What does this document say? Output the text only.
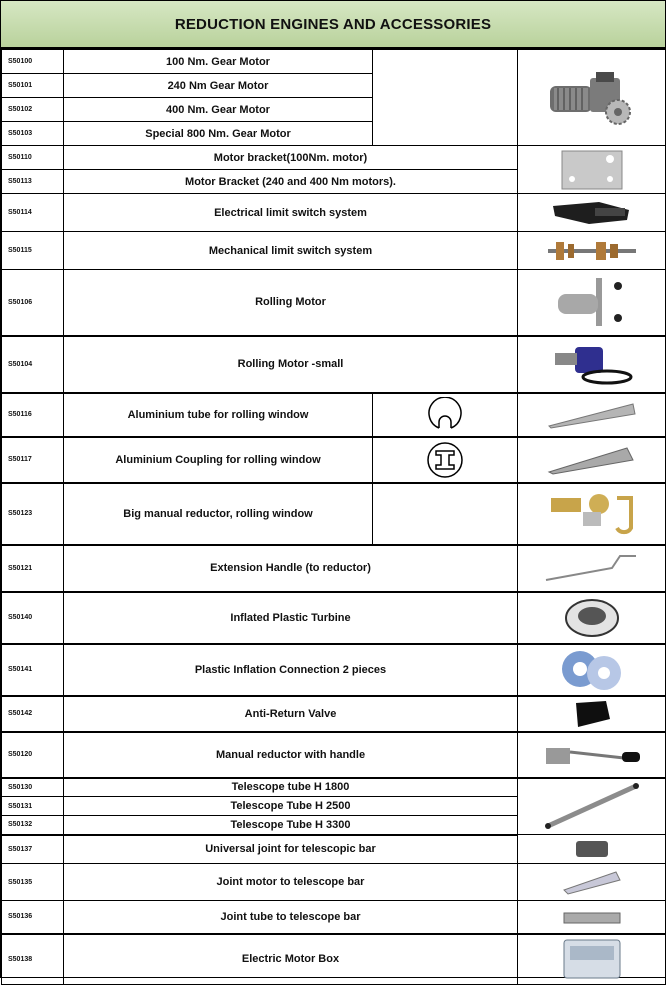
REDUCTION ENGINES AND ACCESSORIES
S50100	100 Nm. Gear Motor		

S50101	240 Nm Gear Motor		
S50102	400 Nm. Gear Motor		
S50103	Special 800 Nm. Gear Motor		
S50110	Motor bracket(100Nm. motor)	

S50113	Motor Bracket (240 and 400 Nm motors).		
S50114	Electrical limit switch system	

S50115	Mechanical limit switch system	

S50106	Rolling Motor	

S50104	Rolling Motor -small	

S50116	Aluminium tube for rolling window	

S50117	Aluminium Coupling for rolling window	

S50123	Big manual reductor, rolling window		

S50121	Extension Handle (to reductor)	

S50140	Inflated Plastic Turbine	

S50141	Plastic Inflation Connection 2 pieces	

S50142	Anti-Return Valve	

S50120	Manual reductor with handle	

S50130	Telescope tube H 1800	

S50131	Telescope Tube H 2500		
S50132	Telescope Tube H 3300		
S50137	Universal joint for telescopic bar	

S50135	Joint motor to telescope bar	

S50136	Joint tube to telescope bar	

S50138	Electric Motor Box	
